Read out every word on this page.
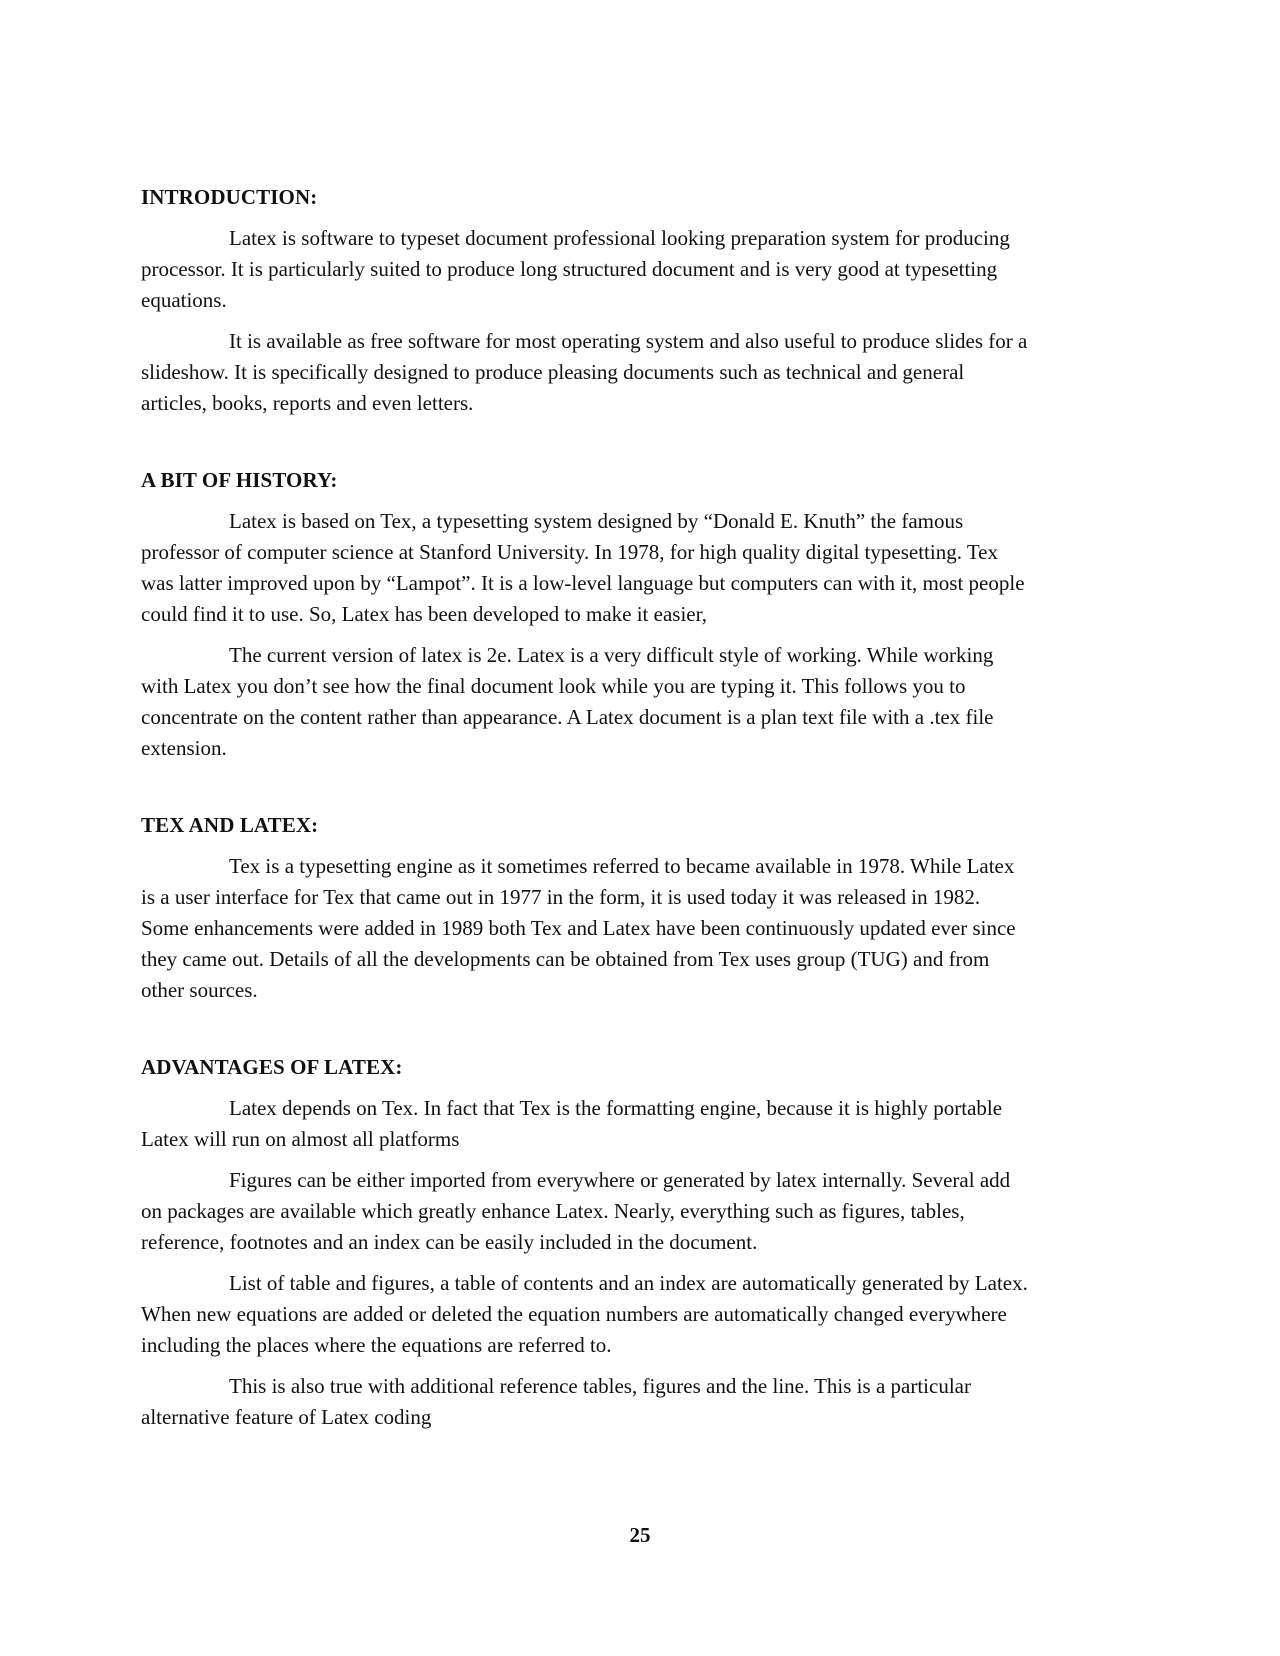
INTRODUCTION:

Latex is software to typeset document professional looking preparation system for producing processor. It is particularly suited to produce long structured document and is very good at typesetting equations.

It is available as free software for most operating system and also useful to produce slides for a slideshow. It is specifically designed to produce pleasing documents such as technical and general articles, books, reports and even letters.

A BIT OF HISTORY:

Latex is based on Tex, a typesetting system designed by “Donald E. Knuth” the famous professor of computer science at Stanford University. In 1978, for high quality digital typesetting. Tex was latter improved upon by “Lampot”. It is a low-level language but computers can with it, most people could find it to use. So, Latex has been developed to make it easier,

The current version of latex is 2e. Latex is a very difficult style of working. While working with Latex you don’t see how the final document look while you are typing it. This follows you to concentrate on the content rather than appearance. A Latex document is a plan text file with a .tex file extension.

TEX AND LATEX:

Tex is a typesetting engine as it sometimes referred to became available in 1978. While Latex is a user interface for Tex that came out in 1977 in the form, it is used today it was released in 1982. Some enhancements were added in 1989 both Tex and Latex have been continuously updated ever since they came out. Details of all the developments can be obtained from Tex uses group (TUG) and from other sources.

ADVANTAGES OF LATEX:

Latex depends on Tex. In fact that Tex is the formatting engine, because it is highly portable Latex will run on almost all platforms

Figures can be either imported from everywhere or generated by latex internally. Several add on packages are available which greatly enhance Latex. Nearly, everything such as figures, tables, reference, footnotes and an index can be easily included in the document.

List of table and figures, a table of contents and an index are automatically generated by Latex. When new equations are added or deleted the equation numbers are automatically changed everywhere including the places where the equations are referred to.

This is also true with additional reference tables, figures and the line. This is a particular alternative feature of Latex coding

25
